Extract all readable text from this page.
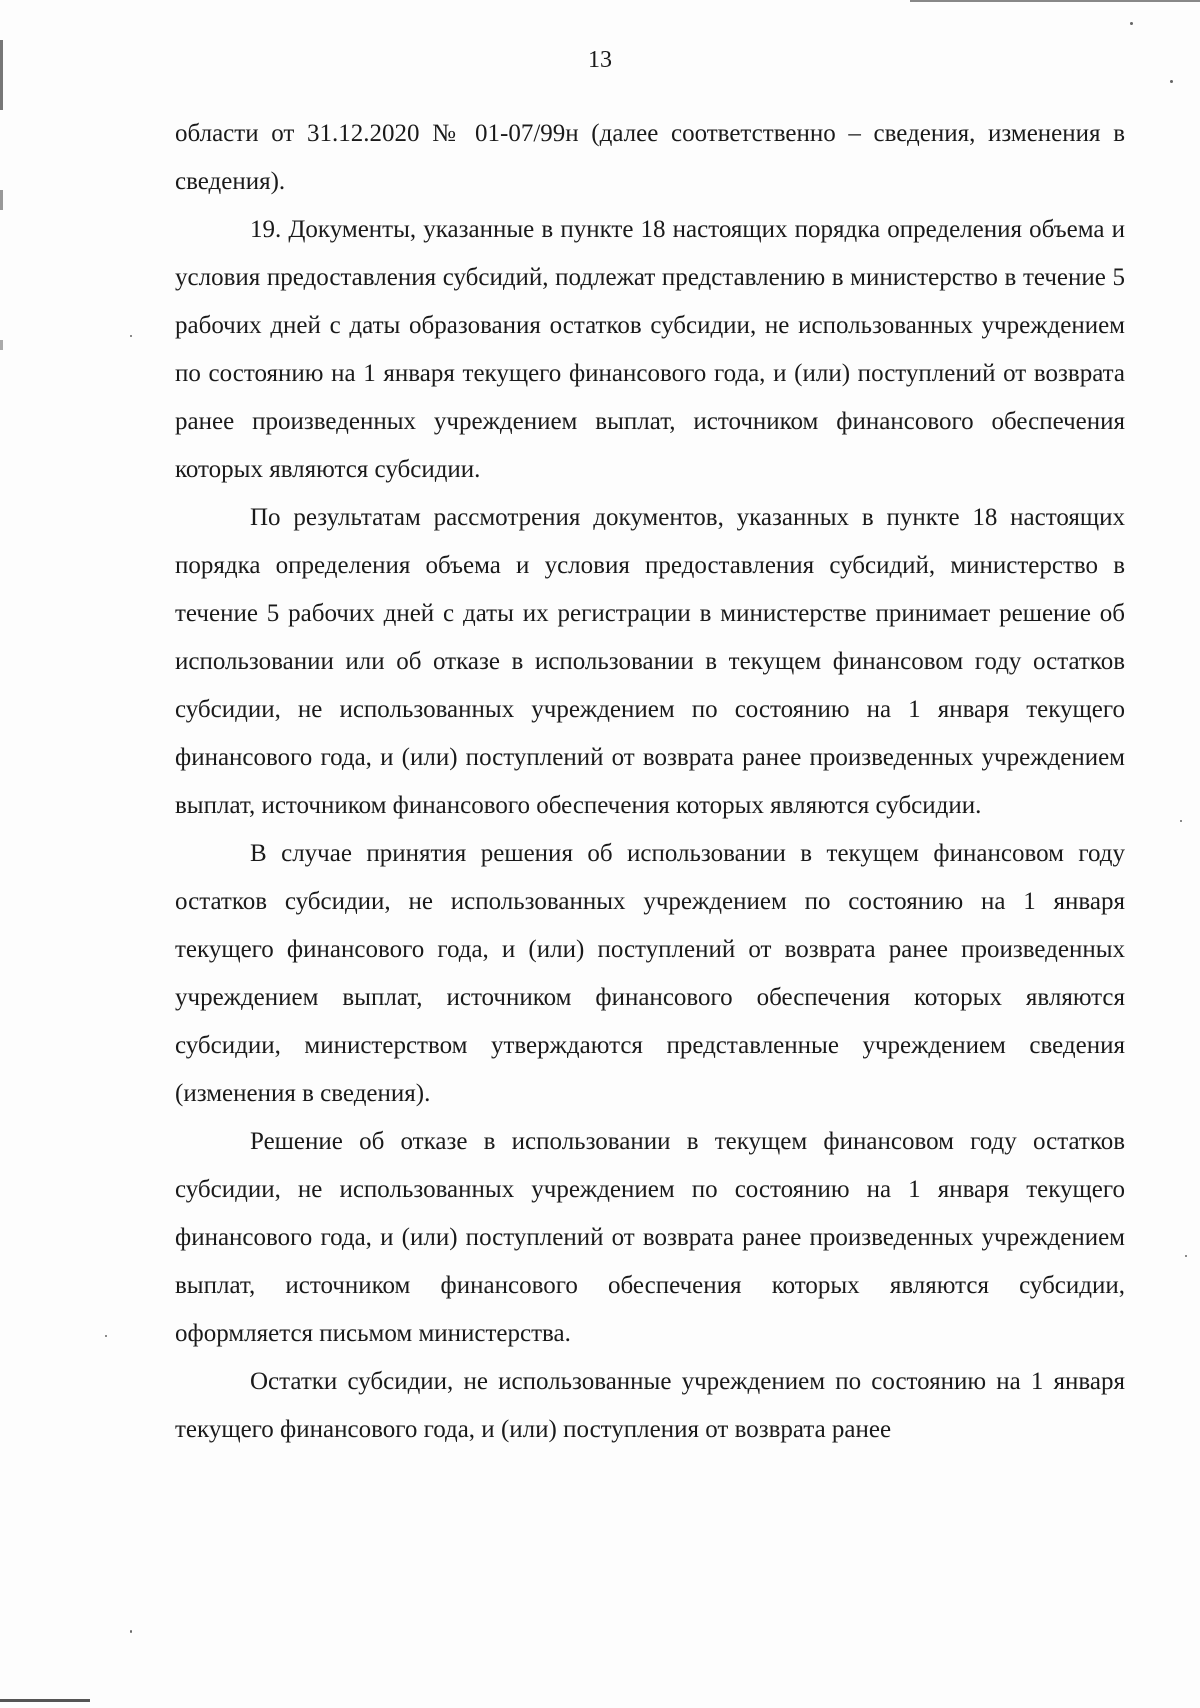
13

области от 31.12.2020 № 01-07/99н (далее соответственно – сведения, изменения в сведения).

19. Документы, указанные в пункте 18 настоящих порядка определения объема и условия предоставления субсидий, подлежат представлению в министерство в течение 5 рабочих дней с даты образования остатков субсидии, не использованных учреждением по состоянию на 1 января текущего финансового года, и (или) поступлений от возврата ранее произведенных учреждением выплат, источником финансового обеспечения которых являются субсидии.

По результатам рассмотрения документов, указанных в пункте 18 настоящих порядка определения объема и условия предоставления субсидий, министерство в течение 5 рабочих дней с даты их регистрации в министерстве принимает решение об использовании или об отказе в использовании в текущем финансовом году остатков субсидии, не использованных учреждением по состоянию на 1 января текущего финансового года, и (или) поступлений от возврата ранее произведенных учреждением выплат, источником финансового обеспечения которых являются субсидии.

В случае принятия решения об использовании в текущем финансовом году остатков субсидии, не использованных учреждением по состоянию на 1 января текущего финансового года, и (или) поступлений от возврата ранее произведенных учреждением выплат, источником финансового обеспечения которых являются субсидии, министерством утверждаются представленные учреждением сведения (изменения в сведения).

Решение об отказе в использовании в текущем финансовом году остатков субсидии, не использованных учреждением по состоянию на 1 января текущего финансового года, и (или) поступлений от возврата ранее произведенных учреждением выплат, источником финансового обеспечения которых являются субсидии, оформляется письмом министерства.

Остатки субсидии, не использованные учреждением по состоянию на 1 января текущего финансового года, и (или) поступления от возврата ранее
